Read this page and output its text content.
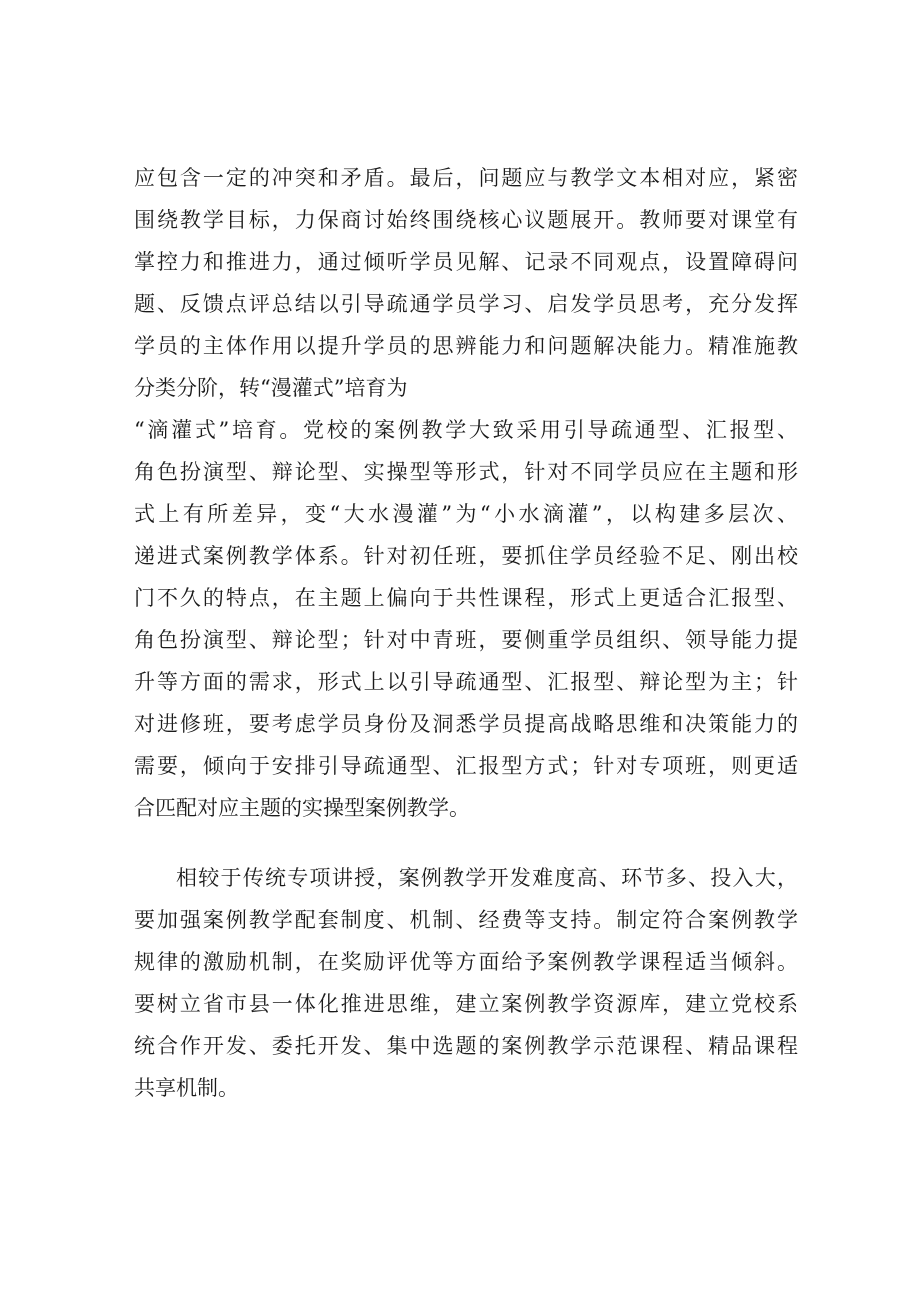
应包含一定的冲突和矛盾。最后，问题应与教学文本相对应，紧密
围绕教学目标，力保商讨始终围绕核心议题展开。教师要对课堂有
掌控力和推进力，通过倾听学员见解、记录不同观点，设置障碍问
题、反馈点评总结以引导疏通学员学习、启发学员思考，充分发挥
学员的主体作用以提升学员的思辨能力和问题解决能力。精准施教
分类分阶，转“漫灌式”培育为
“滴灌式”培育。党校的案例教学大致采用引导疏通型、汇报型、
角色扮演型、辩论型、实操型等形式，针对不同学员应在主题和形
式上有所差异，变“大水漫灌”为“小水滴灌”，以构建多层次、
递进式案例教学体系。针对初任班，要抓住学员经验不足、刚出校
门不久的特点，在主题上偏向于共性课程，形式上更适合汇报型、
角色扮演型、辩论型；针对中青班，要侧重学员组织、领导能力提
升等方面的需求，形式上以引导疏通型、汇报型、辩论型为主；针
对进修班，要考虑学员身份及洞悉学员提高战略思维和决策能力的
需要，倾向于安排引导疏通型、汇报型方式；针对专项班，则更适
合匹配对应主题的实操型案例教学。
相较于传统专项讲授，案例教学开发难度高、环节多、投入大，
要加强案例教学配套制度、机制、经费等支持。制定符合案例教学
规律的激励机制，在奖励评优等方面给予案例教学课程适当倾斜。
要树立省市县一体化推进思维，建立案例教学资源库，建立党校系
统合作开发、委托开发、集中选题的案例教学示范课程、精品课程
共享机制。
